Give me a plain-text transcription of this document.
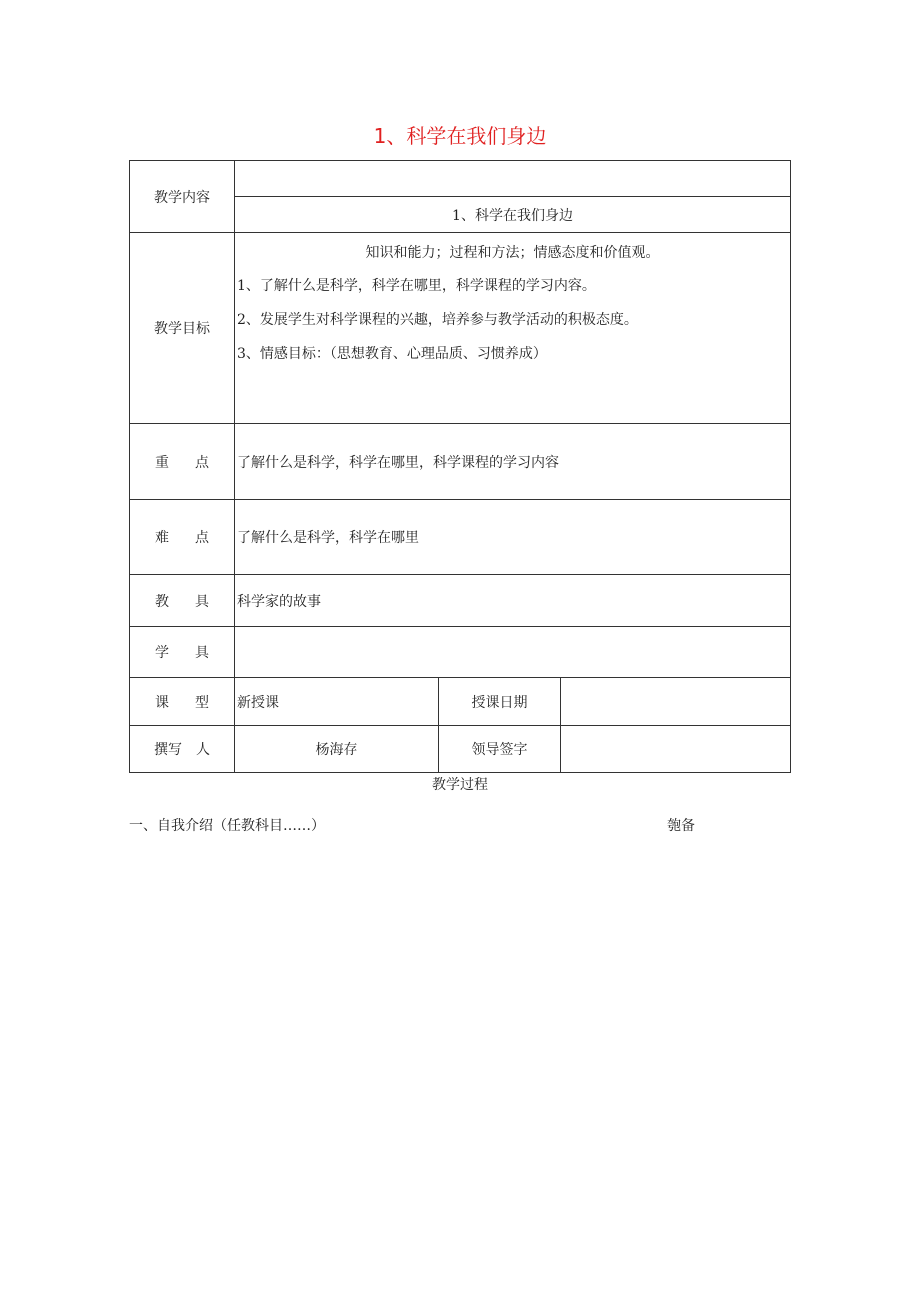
1、科学在我们身边
教学内容			
	1、科学在我们身边		
教学目标	知识和能力；过程和方法；情感态度和价值观。
1、了解什么是科学，科学在哪里，科学课程的学习内容。
2、发展学生对科学课程的兴趣，培养参与教学活动的积极态度。
3、情感目标：（思想教育、心理品质、习惯养成）		

重 点	了解什么是科学，科学在哪里，科学课程的学习内容		
难 点	了解什么是科学，科学在哪里		
教 具	科学家的故事		
学 具			
课 型	新授课	授课日期	
撰写 人	杨海存	领导签字	
教学过程
一、自我介绍（任教科目……）	匏备
